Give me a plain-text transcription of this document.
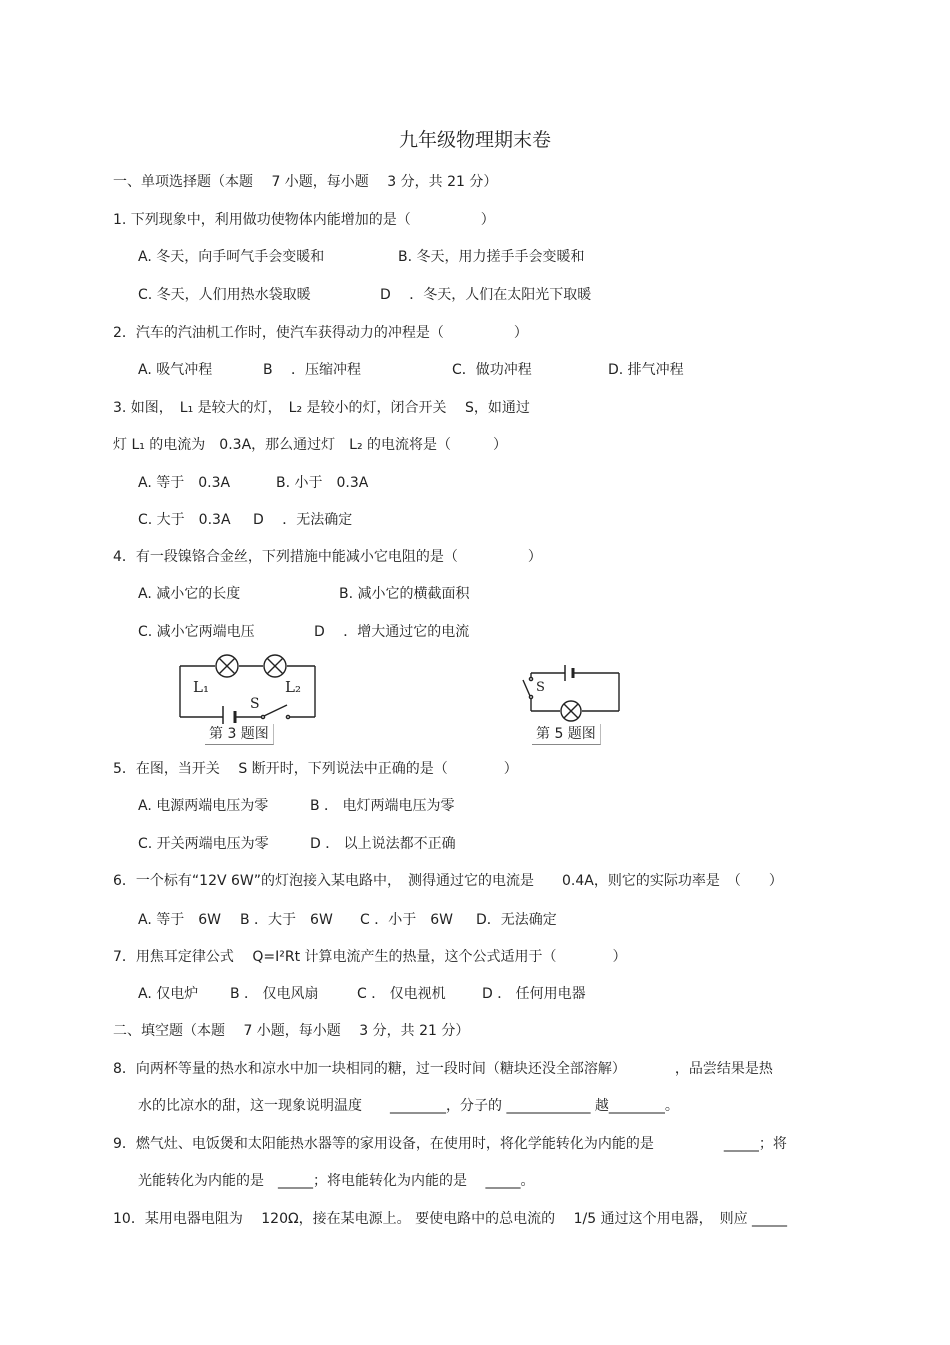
九年级物理期末卷
一、单项选择题（本题　 7 小题，每小题　 3 分，共 21 分）
1. 下列现象中，利用做功使物体内能增加的是（　　　　　）
A. 冬天，向手呵气手会变暖和	B. 冬天，用力搓手手会变暖和
C. 冬天，人们用热水袋取暖	D　 ．冬天，人们在太阳光下取暖
2．汽车的汽油机工作时，使汽车获得动力的冲程是（　　　　　）
A. 吸气冲程	B　 ．压缩冲程	C．做功冲程	D. 排气冲程
3. 如图，　L₁ 是较大的灯，　L₂ 是较小的灯，闭合开关　 S，如通过
灯 L₁ 的电流为　0.3A，那么通过灯　L₂ 的电流将是（　　　）
A. 等于　0.3A	B. 小于　0.3A
C. 大于　0.3A D　 ．无法确定
4．有一段镍铬合金丝，下列措施中能减小它电阻的是（　　　　　）
A. 减小它的长度	B. 减小它的横截面积
C. 减小它两端电压	D　 ．增大通过它的电流
L₁	L₂
S
第 3 题图
S
第 5 题图
5．在图，当开关　 S 断开时，下列说法中正确的是（　　　　）
A. 电源两端电压为零	B ． 电灯两端电压为零
C. 开关两端电压为零	D ． 以上说法都不正确
6．一个标有“12V 6W”的灯泡接入某电路中，　测得通过它的电流是　　0.4A，则它的实际功率是　（　　）
A. 等于　6W B ．大于　6W C ．小于　6W D．无法确定
7．用焦耳定律公式　 Q=I²Rt 计算电流产生的热量，这个公式适用于（　　　　）
A. 仅电炉 B ． 仅电风扇	C ． 仅电视机	D ． 任何用电器
二、填空题（本题　 7 小题，每小题　 3 分，共 21 分）
8．向两杯等量的热水和凉水中加一块相同的糖，过一段时间（糖块还没全部溶解）　　　　，品尝结果是热
水的比凉水的甜，这一现象说明温度　　________，分子的 ____________ 越________。
9．燃气灶、电饭煲和太阳能热水器等的家用设备，在使用时，将化学能转化为内能的是　　　　　_____；将
光能转化为内能的是　_____；将电能转化为内能的是　 _____。
10．某用电器电阻为　 120Ω，接在某电源上。 要使电路中的总电流的　 1/5 通过这个用电器，　则应 _____
